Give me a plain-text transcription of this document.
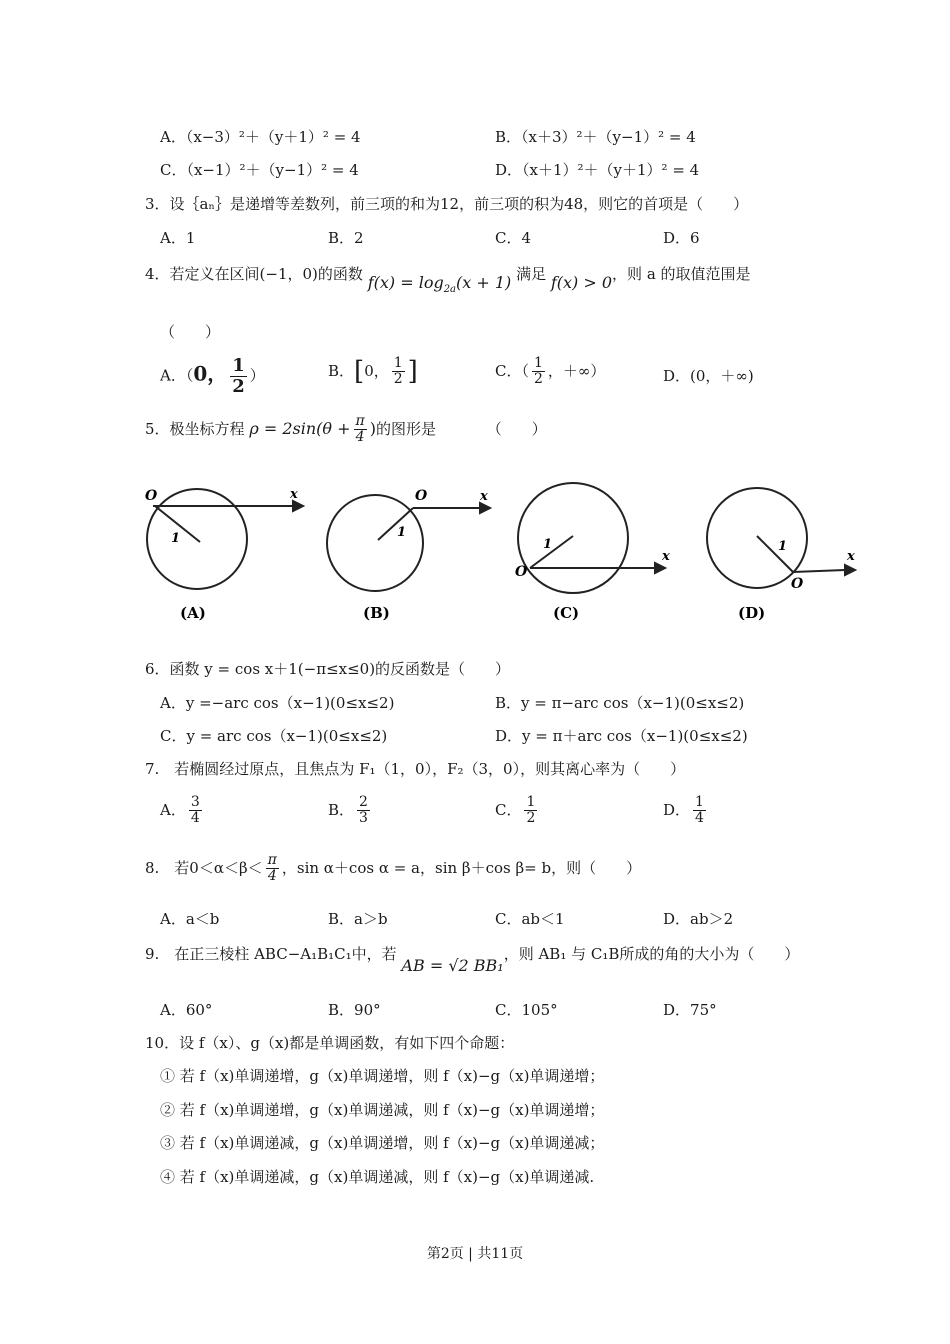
A．（x−3）²＋（y＋1）² = 4	B．（x＋3）²＋（y−1）² = 4
C．（x−1）²＋（y−1）² = 4	D．（x＋1）²＋（y＋1）² = 4
3．设｛aₙ｝是递增等差数列，前三项的和为12，前三项的积为48，则它的首项是（　　）
A．1	B．2	C．4	D．6
4．若定义在区间(−1，0)的函数 $f(x) = \log_{2a}(x + 1)$ 满足 f(x) > 0，则 a 的取值范围是
（　　）
A．（0， $\frac{1}{2}$ ）	B．[0， $\frac{1}{2}$ ]	C．（ $\frac{1}{2}$ ，＋∞）	D．(0，＋∞)
5．极坐标方程 $\rho = 2\sin(\theta + \frac{\pi}{4}$ )的图形是	（　　）
O	x
1
(A)
O	x
1
(B)
O
x
1
(C)
O
x
1
(D)
6．函数 y = cos x＋1(−π≤x≤0)的反函数是（　　）
A．y =−arc cos（x−1)(0≤x≤2)	B．y = π−arc cos（x−1)(0≤x≤2)
C．y = arc cos（x−1)(0≤x≤2)	D．y = π＋arc cos（x−1)(0≤x≤2)
7.　若椭圆经过原点，且焦点为 F₁（1，0），F₂（3，0），则其离心率为（　　）
A． $\frac{3}{4}$	B． $\frac{2}{3}$	C． $\frac{1}{2}$	D． $\frac{1}{4}$
8.　若$0<\alpha<\beta< \frac{\pi}{4}$ ，sin α＋cos α = a，sin β＋cos β= b，则（　　）
A．a＜b	B．a＞b	C．ab＜1	D．ab＞2
9.　在正三棱柱 ABC−A₁B₁C₁中，若 AB = √2 BB₁，则 AB₁ 与 C₁B所成的角的大小为（　　）
A．60°	B．90°	C．105°	D．75°
10．设 f（x）、g（x)都是单调函数，有如下四个命题：
① 若 f（x)单调递增，g（x)单调递增，则 f（x)−g（x)单调递增；
② 若 f（x)单调递增，g（x)单调递减，则 f（x)−g（x)单调递增；
③ 若 f（x)单调递减，g（x)单调递增，则 f（x)−g（x)单调递减；
④ 若 f（x)单调递减，g（x)单调递减，则 f（x)−g（x)单调递减.
第2页 | 共11页
